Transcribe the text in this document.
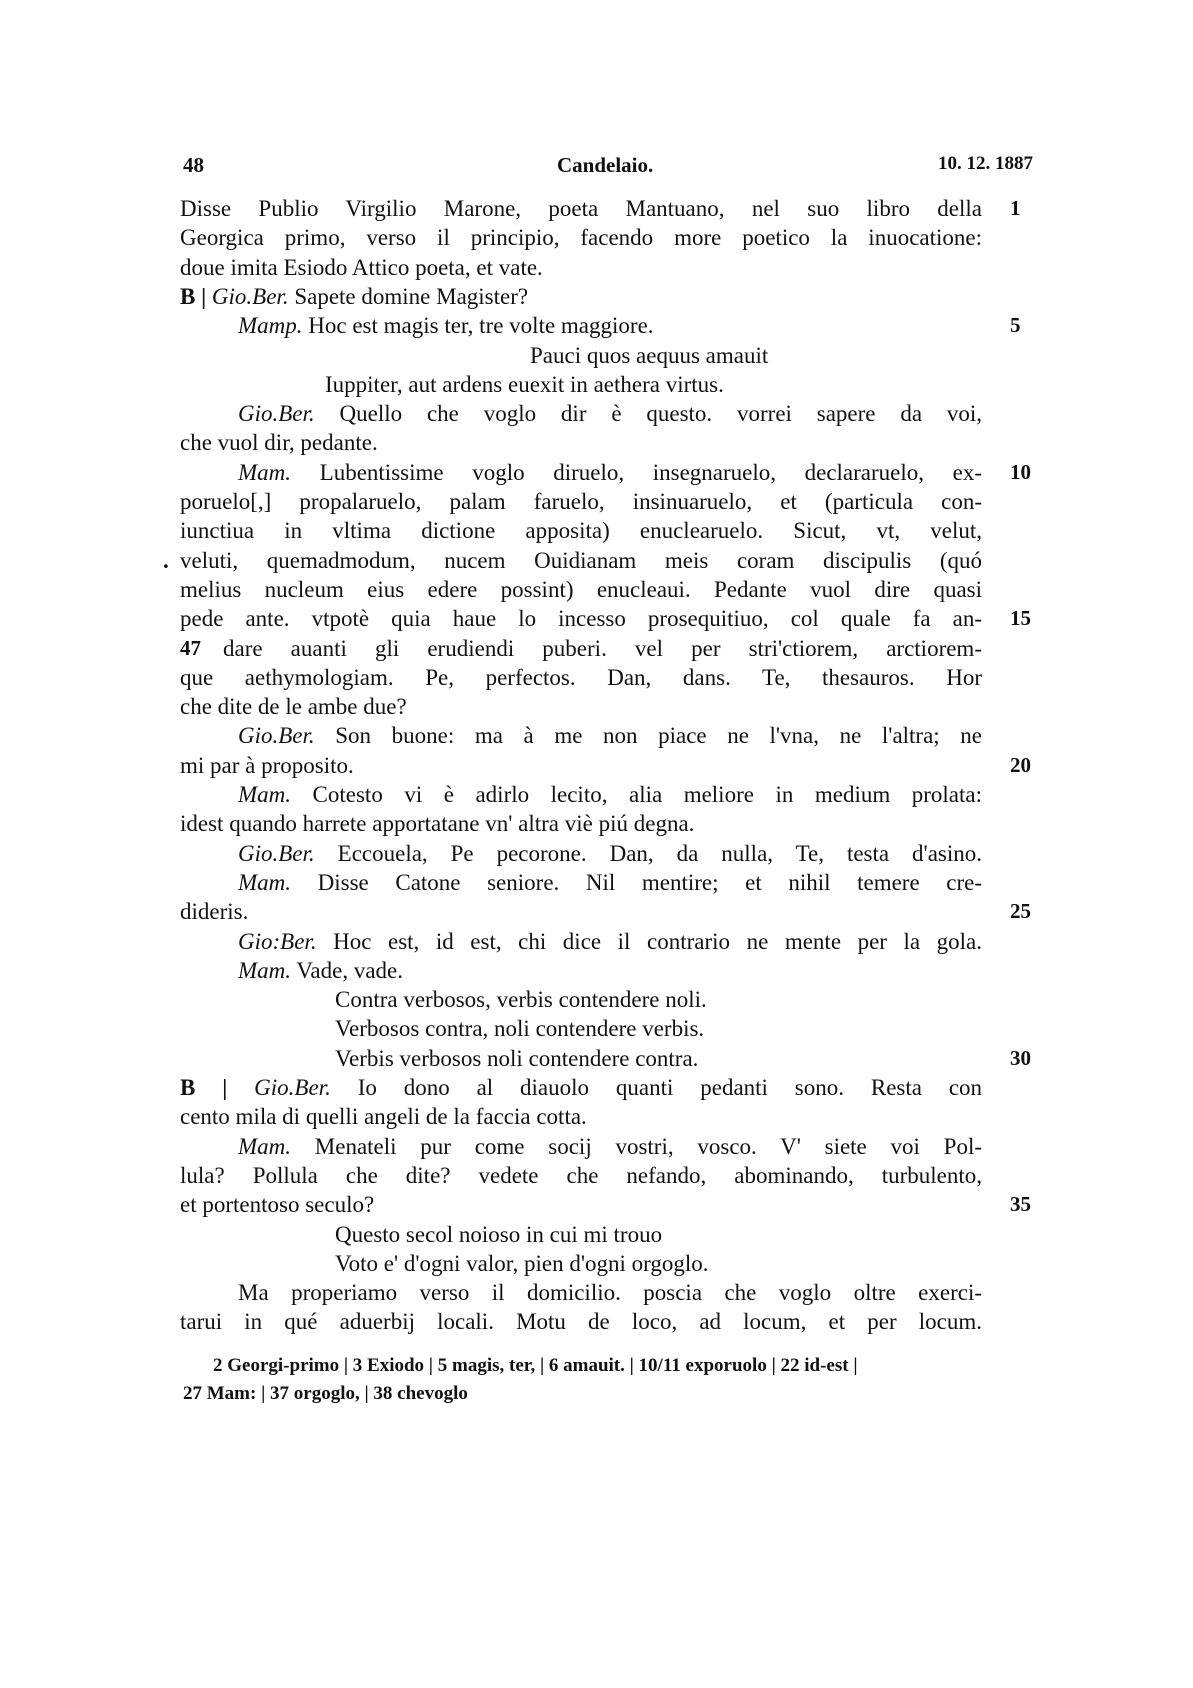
48	Candelaio.	10. 12. 1887
Disse Publio Virgilio Marone, poeta Mantuano, nel suo libro della 1
Georgica primo, verso il principio, facendo more poetico la inuocatione:
doue imita Esiodo Attico poeta, et vate.
B | Gio.Ber. Sapete domine Magister?
Mamp. Hoc est magis ter, tre volte maggiore.	5
Pauci quos aequus amauit
Iuppiter, aut ardens euexit in aethera virtus.
Gio.Ber. Quello che voglo dir è questo. vorrei sapere da voi,
che vuol dir, pedante.
Mam. Lubentissime voglo diruelo, insegnaruelo, declararuelo, ex- 10
poruelo[,] propalaruelo, palam faruelo, insinuaruelo, et (particula con-
iunctiua in vltima dictione apposita) enuclearuelo. Sicut, vt, velut,
. veluti, quemadmodum, nucem Ouidianam meis coram discipulis (quó
melius nucleum eius edere possint) enucleaui. Pedante vuol dire quasi
pede ante. vtpotè quia haue lo incesso prosequitiuo, col quale fa an- 15
47 dare auanti gli erudiendi puberi. vel per stri'ctiorem, arctiorem-
que aethymologiam. Pe, perfectos. Dan, dans. Te, thesauros. Hor
che dite de le ambe due?
Gio.Ber. Son buone: ma à me non piace ne l'vna, ne l'altra; ne
mi par à proposito.	20
Mam. Cotesto vi è adirlo lecito, alia meliore in medium prolata:
idest quando harrete apportatane vn' altra viè piú degna.
Gio.Ber. Eccouela, Pe pecorone. Dan, da nulla, Te, testa d'asino.
Mam. Disse Catone seniore. Nil mentire; et nihil temere cre-
dideris.	25
Gio:Ber. Hoc est, id est, chi dice il contrario ne mente per la gola.
Mam. Vade, vade.
Contra verbosos, verbis contendere noli.
Verbosos contra, noli contendere verbis.
Verbis verbosos noli contendere contra.	30
B | Gio.Ber. Io dono al diauolo quanti pedanti sono. Resta con
cento mila di quelli angeli de la faccia cotta.
Mam. Menateli pur come socij vostri, vosco. V' siete voi Pol-
lula? Pollula che dite? vedete che nefando, abominando, turbulento,
et portentoso seculo?	35
Questo secol noioso in cui mi trouo
Voto e' d'ogni valor, pien d'ogni orgoglo.
Ma properiamo verso il domicilio. poscia che voglo oltre exerci-
tarui in qué aduerbij locali. Motu de loco, ad locum, et per locum.
2 Georgi-primo | 3 Exiodo | 5 magis, ter, | 6 amauit. | 10/11 exporuolo | 22 id-est |
27 Mam: | 37 orgoglo, | 38 chevoglo
